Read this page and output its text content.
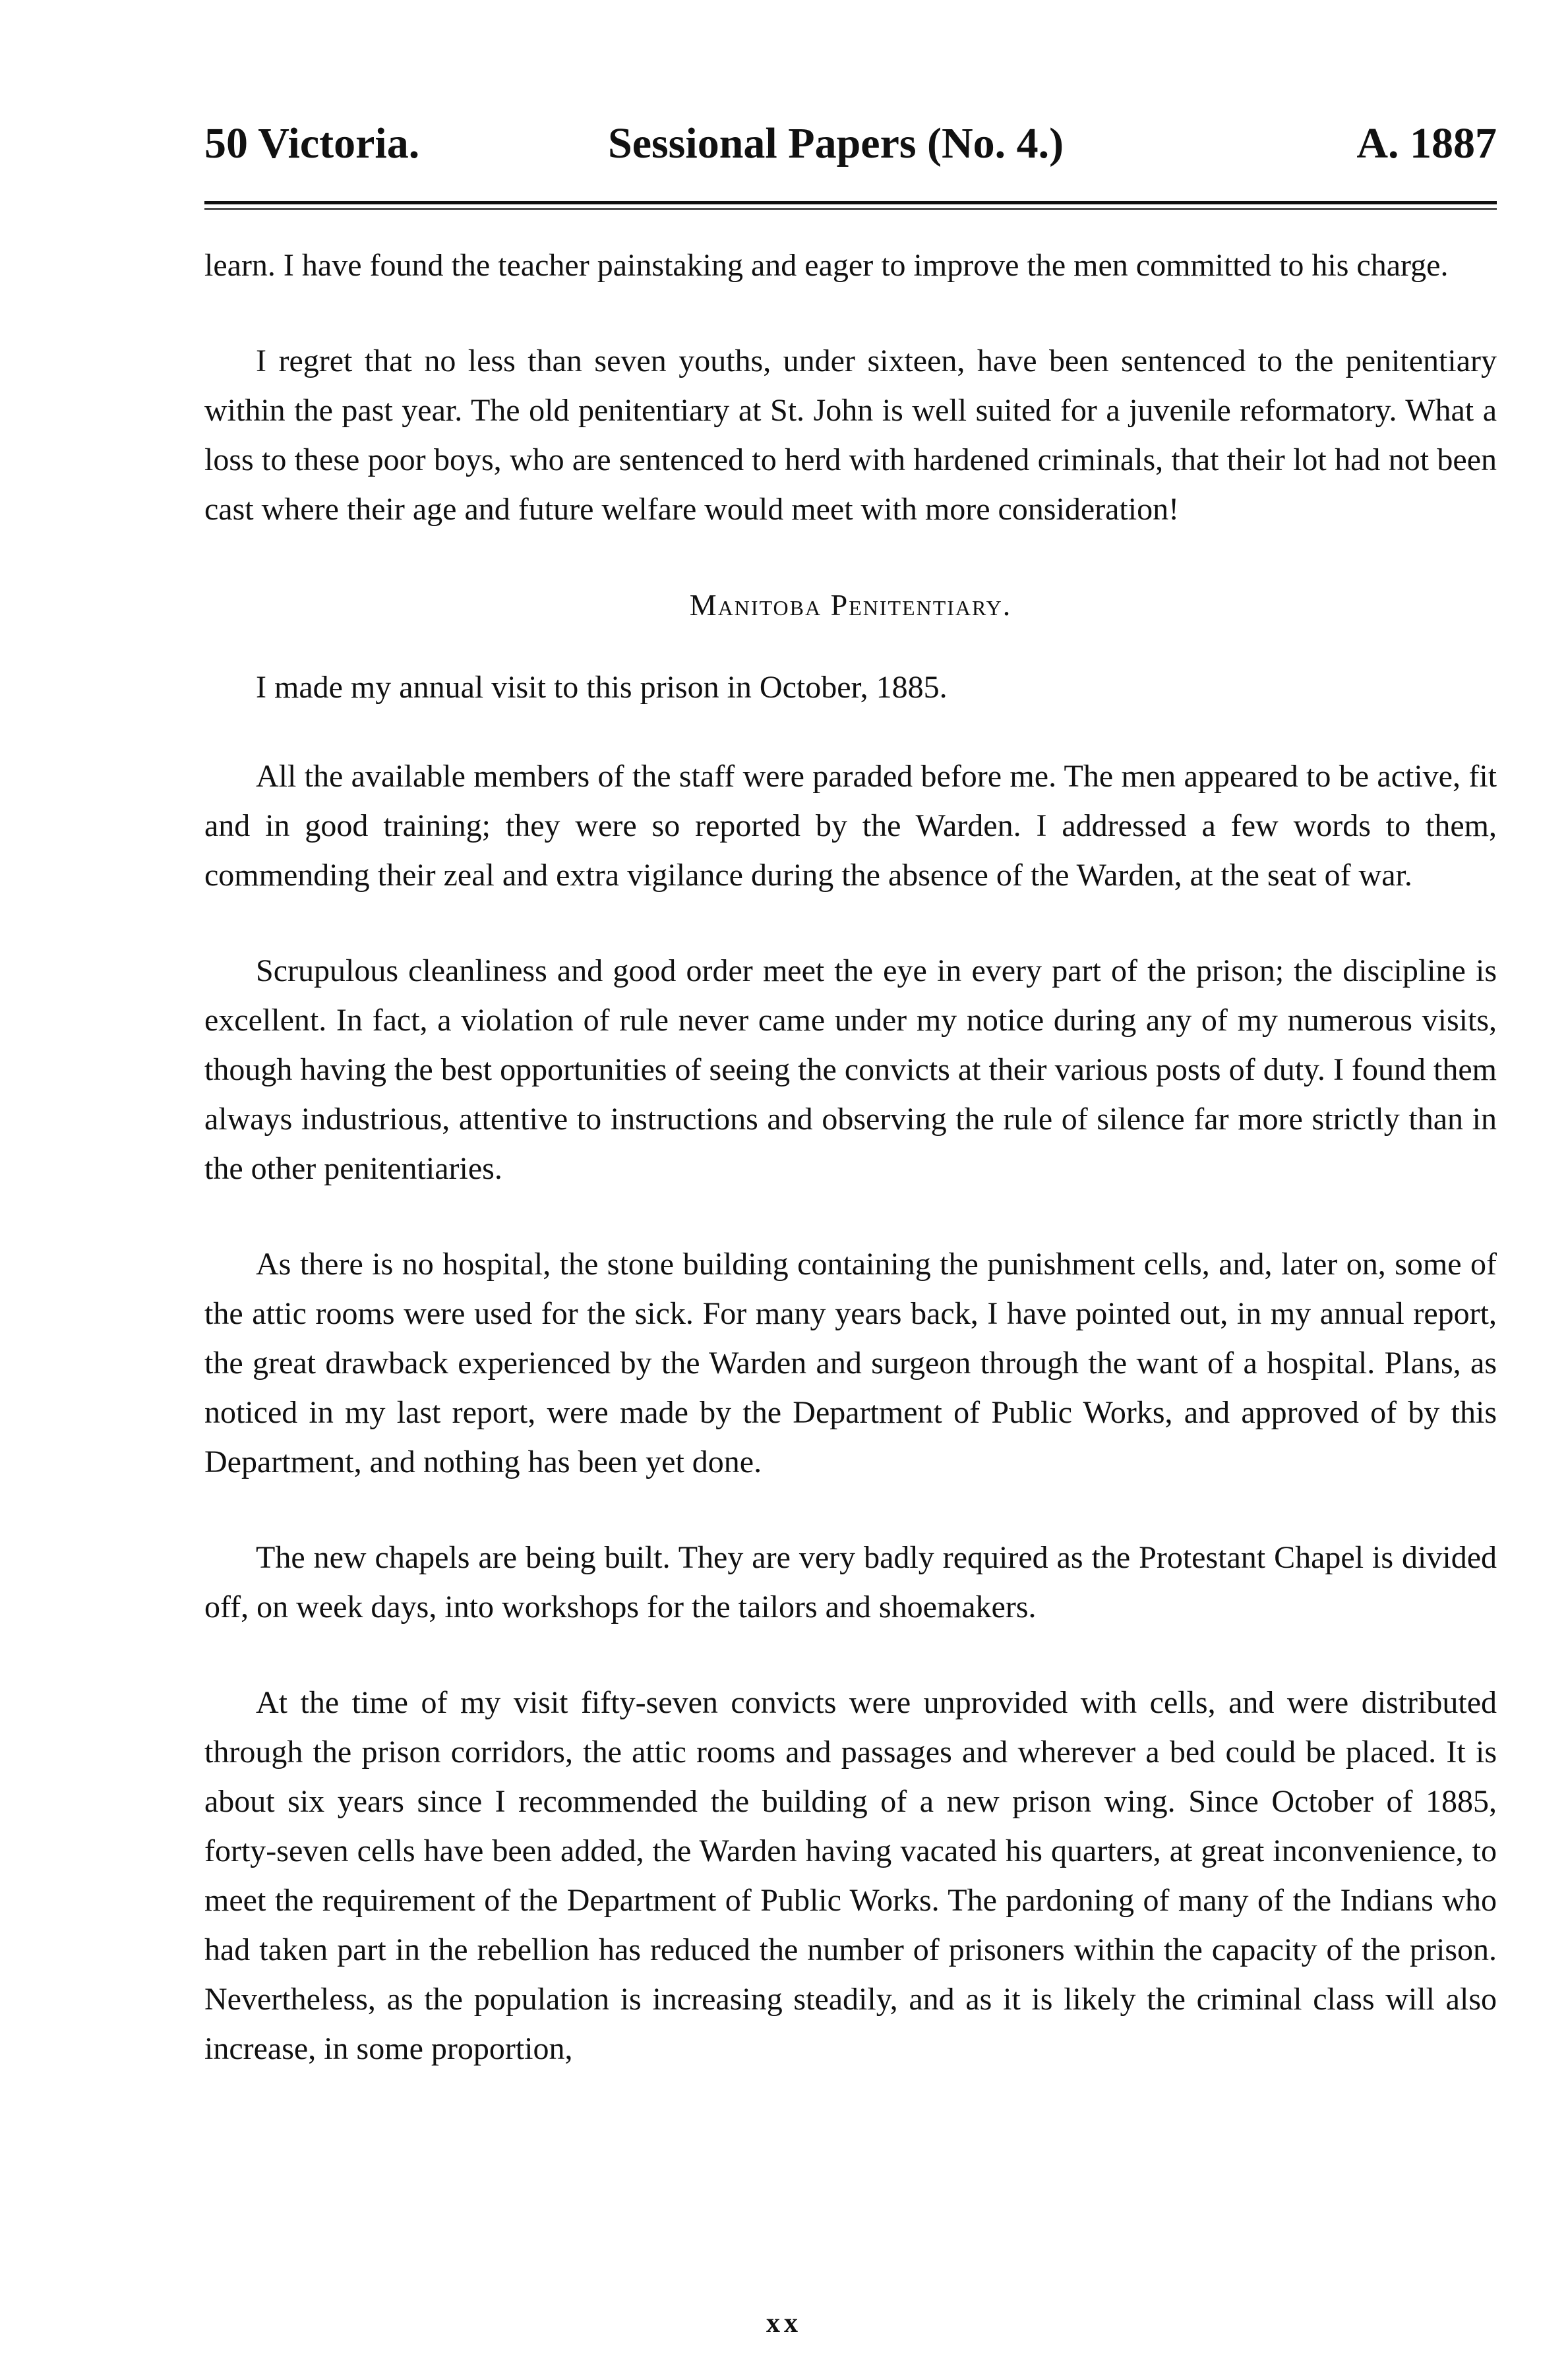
50 Victoria.	Sessional Papers (No. 4.)	A. 1887

learn. I have found the teacher painstaking and eager to improve the men committed to his charge.

I regret that no less than seven youths, under sixteen, have been sentenced to the penitentiary within the past year. The old penitentiary at St. John is well suited for a juvenile reformatory. What a loss to these poor boys, who are sentenced to herd with hardened criminals, that their lot had not been cast where their age and future welfare would meet with more consideration!

Manitoba Penitentiary.

I made my annual visit to this prison in October, 1885.

All the available members of the staff were paraded before me. The men appeared to be active, fit and in good training; they were so reported by the Warden. I addressed a few words to them, commending their zeal and extra vigilance during the absence of the Warden, at the seat of war.

Scrupulous cleanliness and good order meet the eye in every part of the prison; the discipline is excellent. In fact, a violation of rule never came under my notice during any of my numerous visits, though having the best opportunities of seeing the convicts at their various posts of duty. I found them always industrious, attentive to instructions and observing the rule of silence far more strictly than in the other penitentiaries.

As there is no hospital, the stone building containing the punishment cells, and, later on, some of the attic rooms were used for the sick. For many years back, I have pointed out, in my annual report, the great drawback experienced by the Warden and surgeon through the want of a hospital. Plans, as noticed in my last report, were made by the Department of Public Works, and approved of by this Department, and nothing has been yet done.

The new chapels are being built. They are very badly required as the Protestant Chapel is divided off, on week days, into workshops for the tailors and shoemakers.

At the time of my visit fifty-seven convicts were unprovided with cells, and were distributed through the prison corridors, the attic rooms and passages and wherever a bed could be placed. It is about six years since I recommended the building of a new prison wing. Since October of 1885, forty-seven cells have been added, the Warden having vacated his quarters, at great inconvenience, to meet the requirement of the Department of Public Works. The pardoning of many of the Indians who had taken part in the rebellion has reduced the number of prisoners within the capacity of the prison. Nevertheless, as the population is increasing steadily, and as it is likely the criminal class will also increase, in some proportion,

xx
